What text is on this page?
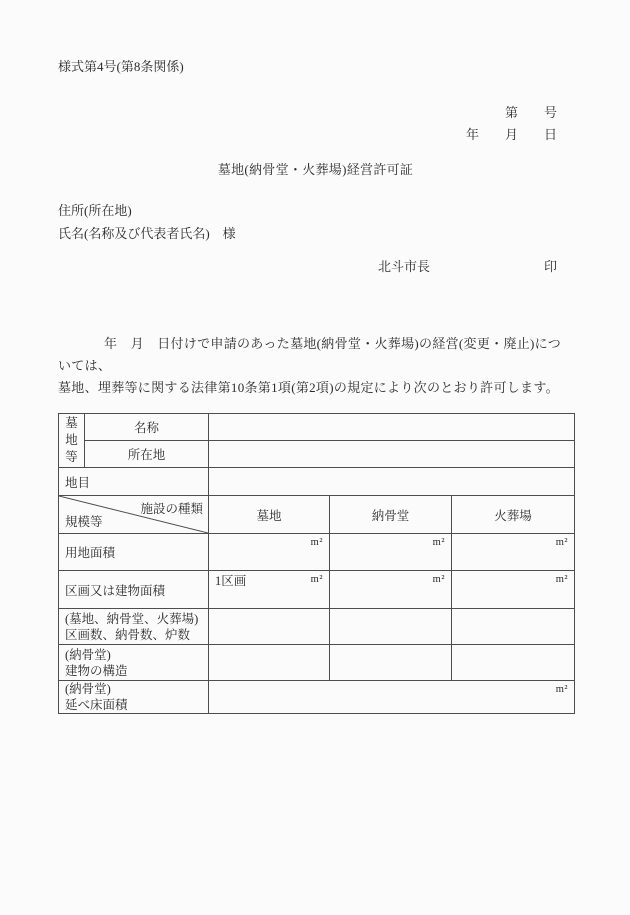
様式第4号(第8条関係)
第　　号
年　　月　　日
墓地(納骨堂・火葬場)経営許可証
住所(所在地)
氏名(名称及び代表者氏名)　様
北斗市長	印
年　月　日付けで申請のあった墓地(納骨堂・火葬場)の経営(変更・廃止)については、
墓地、埋葬等に関する法律第10条第1項(第2項)の規定により次のとおり許可します。
墓地等	名称			
	所在地			
地目				

施設の種類
規模等		墓地	納骨堂	火葬場
用地面積		m²	m²	m²
区画又は建物面積		1区画 m²	m²	m²

(墓地、納骨堂、火葬場)
区画数、納骨数、炉数				

(納骨堂)
建物の構造				

(納骨堂)
延べ床面積		m²		
